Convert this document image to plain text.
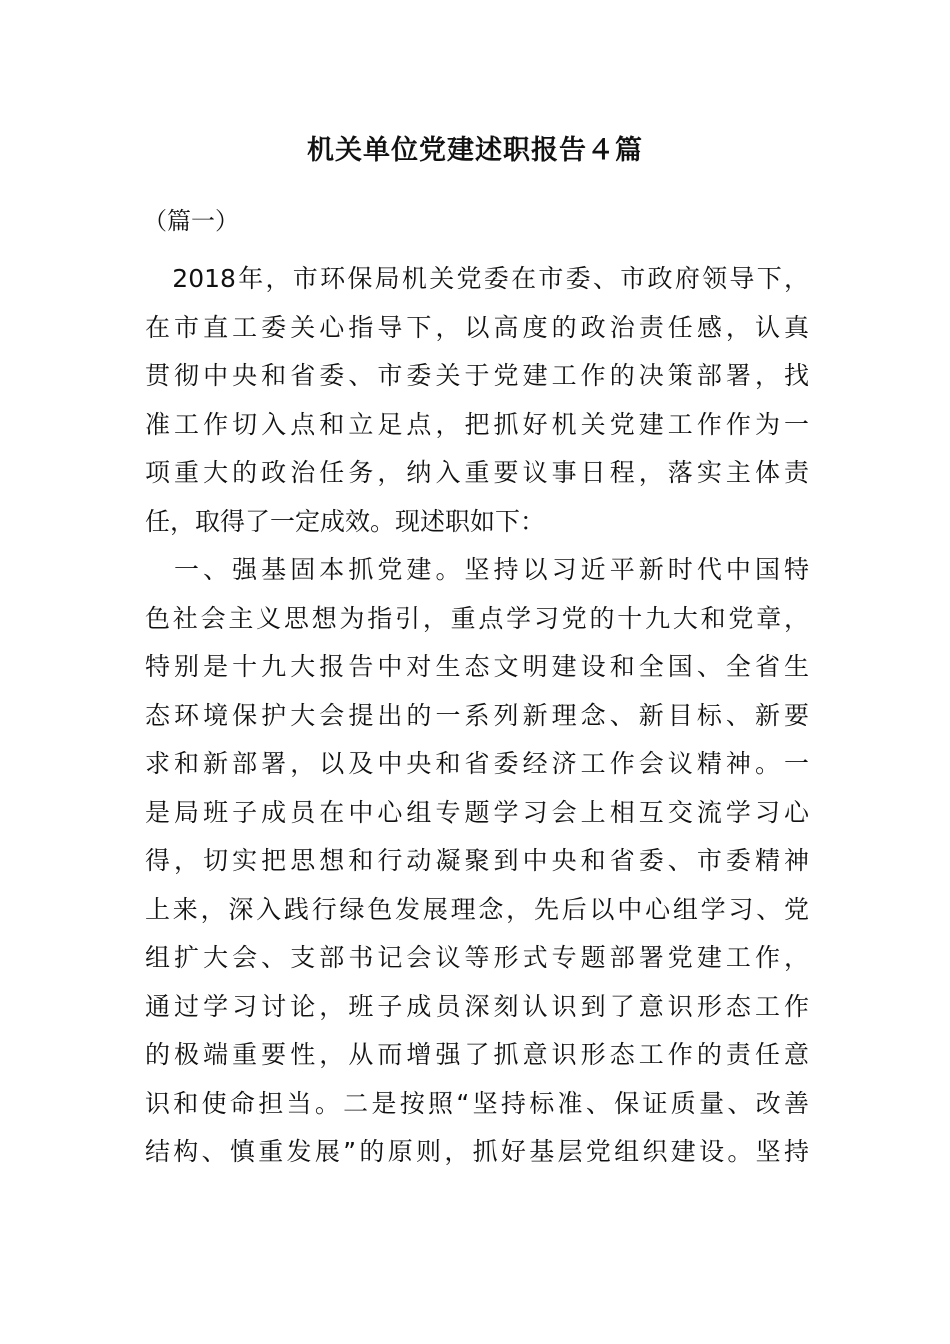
机关单位党建述职报告４篇

（篇一）

　2018年，市环保局机关党委在市委、市政府领导下，
在市直工委关心指导下，以高度的政治责任感，认真
贯彻中央和省委、市委关于党建工作的决策部署，找
准工作切入点和立足点，把抓好机关党建工作作为一
项重大的政治任务，纳入重要议事日程，落实主体责
任，取得了一定成效。现述职如下：
　一、强基固本抓党建。坚持以习近平新时代中国特
色社会主义思想为指引，重点学习党的十九大和党章，
特别是十九大报告中对生态文明建设和全国、全省生
态环境保护大会提出的一系列新理念、新目标、新要
求和新部署，以及中央和省委经济工作会议精神。一
是局班子成员在中心组专题学习会上相互交流学习心
得，切实把思想和行动凝聚到中央和省委、市委精神
上来，深入践行绿色发展理念，先后以中心组学习、党
组扩大会、支部书记会议等形式专题部署党建工作，
通过学习讨论，班子成员深刻认识到了意识形态工作
的极端重要性，从而增强了抓意识形态工作的责任意
识和使命担当。二是按照“坚持标准、保证质量、改善
结构、慎重发展”的原则，抓好基层党组织建设。坚持
